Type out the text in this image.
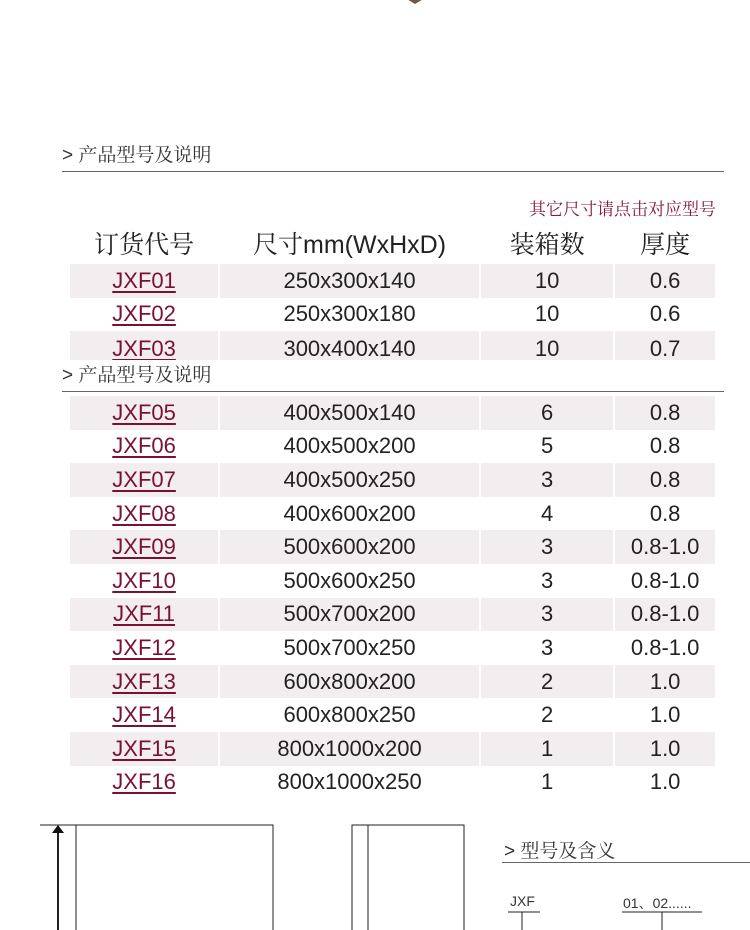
> 产品型号及说明
其它尺寸请点击对应型号
订货代号	尺寸mm(WxHxD)	装箱数	厚度
JXF01	250x300x140	10	0.6
JXF02	250x300x180	10	0.6
JXF03	300x400x140	10	0.7
> 产品型号及说明
JXF05	400x500x140	6	0.8
JXF06	400x500x200	5	0.8
JXF07	400x500x250	3	0.8
JXF08	400x600x200	4	0.8
JXF09	500x600x200	3	0.8-1.0
JXF10	500x600x250	3	0.8-1.0
JXF11	500x700x200	3	0.8-1.0
JXF12	500x700x250	3	0.8-1.0
JXF13	600x800x200	2	1.0
JXF14	600x800x250	2	1.0
JXF15	800x1000x200	1	1.0
JXF16	800x1000x250	1	1.0
> 型号及含义
JXF	01、02......
